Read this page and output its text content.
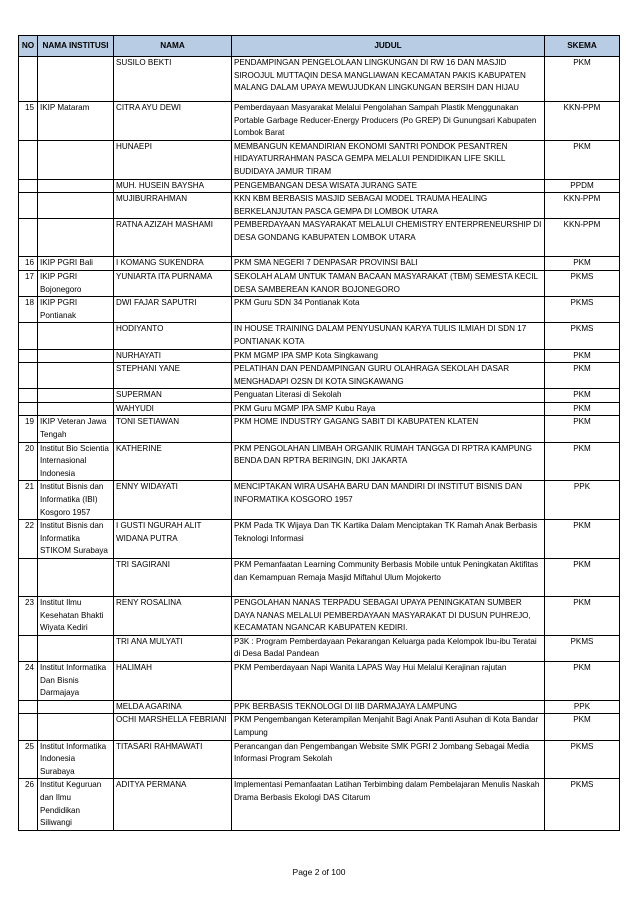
NO	NAMA INSTITUSI	NAMA	JUDUL	SKEMA
		SUSILO BEKTI	PENDAMPINGAN PENGELOLAAN LINGKUNGAN DI RW 16 DAN MASJID SIROOJUL MUTTAQIN DESA MANGLIAWAN KECAMATAN PAKIS KABUPATEN MALANG DALAM UPAYA MEWUJUDKAN LINGKUNGAN BERSIH DAN HIJAU	PKM
15	IKIP Mataram	CITRA AYU DEWI	Pemberdayaan Masyarakat Melalui Pengolahan Sampah Plastik Menggunakan Portable Garbage Reducer-Energy Producers (Po GREP) Di Gunungsari Kabupaten Lombok Barat	KKN-PPM
		HUNAEPI	MEMBANGUN KEMANDIRIAN EKONOMI SANTRI PONDOK PESANTREN HIDAYATURRAHMAN PASCA GEMPA MELALUI PENDIDIKAN LIFE SKILL BUDIDAYA JAMUR TIRAM	PKM
		MUH. HUSEIN BAYSHA	PENGEMBANGAN DESA WISATA JURANG SATE	PPDM
		MUJIBURRAHMAN	KKN KBM BERBASIS MASJID SEBAGAI MODEL TRAUMA HEALING BERKELANJUTAN PASCA GEMPA DI LOMBOK UTARA	KKN-PPM
		RATNA AZIZAH MASHAMI	PEMBERDAYAAN MASYARAKAT MELALUI CHEMISTRY ENTERPRENEURSHIP DI DESA GONDANG KABUPATEN LOMBOK UTARA	KKN-PPM
16	IKIP PGRI Bali	I KOMANG SUKENDRA	PKM SMA NEGERI 7 DENPASAR PROVINSI BALI	PKM
17	IKIP PGRI Bojonegoro	YUNIARTA ITA PURNAMA	SEKOLAH ALAM UNTUK TAMAN BACAAN MASYARAKAT (TBM) SEMESTA KECIL DESA SAMBEREAN KANOR BOJONEGORO	PKMS
18	IKIP PGRI Pontianak	DWI FAJAR SAPUTRI	PKM Guru SDN 34 Pontianak Kota	PKMS
		HODIYANTO	IN HOUSE TRAINING DALAM PENYUSUNAN KARYA TULIS ILMIAH DI SDN 17 PONTIANAK KOTA	PKMS
		NURHAYATI	PKM MGMP IPA SMP Kota Singkawang	PKM
		STEPHANI YANE	PELATIHAN DAN PENDAMPINGAN GURU OLAHRAGA SEKOLAH DASAR MENGHADAPI O2SN DI KOTA SINGKAWANG	PKM
		SUPERMAN	Penguatan Literasi di Sekolah	PKM
		WAHYUDI	PKM Guru MGMP IPA SMP Kubu Raya	PKM
19	IKIP Veteran Jawa Tengah	TONI SETIAWAN	PKM HOME INDUSTRY GAGANG SABIT DI KABUPATEN KLATEN	PKM
20	Institut Bio Scientia Internasional Indonesia	KATHERINE	PKM PENGOLAHAN LIMBAH ORGANIK RUMAH TANGGA DI RPTRA KAMPUNG BENDA DAN RPTRA BERINGIN, DKI JAKARTA	PKM
21	Institut Bisnis dan Informatika (IBI) Kosgoro 1957	ENNY WIDAYATI	MENCIPTAKAN WIRA USAHA BARU DAN MANDIRI DI INSTITUT BISNIS DAN INFORMATIKA KOSGORO 1957	PPK
22	Institut Bisnis dan Informatika STIKOM Surabaya	I GUSTI NGURAH ALIT WIDANA PUTRA	PKM Pada TK Wijaya Dan TK Kartika Dalam Menciptakan TK Ramah Anak Berbasis Teknologi Informasi	PKM
		TRI SAGIRANI	PKM Pemanfaatan Learning Community Berbasis Mobile untuk Peningkatan Aktifitas dan Kemampuan Remaja Masjid Miftahul Ulum Mojokerto	PKM
23	Institut Ilmu Kesehatan Bhakti Wiyata Kediri	RENY ROSALINA	PENGOLAHAN NANAS TERPADU SEBAGAI UPAYA PENINGKATAN SUMBER DAYA NANAS MELALUI PEMBERDAYAAN MASYARAKAT DI DUSUN PUHREJO, KECAMATAN NGANCAR KABUPATEN KEDIRI.	PKM
		TRI ANA MULYATI	P3K : Program Pemberdayaan Pekarangan Keluarga pada Kelompok Ibu-ibu Teratai di Desa Badal Pandean	PKMS
24	Institut Informatika Dan Bisnis Darmajaya	HALIMAH	PKM Pemberdayaan Napi Wanita LAPAS Way Hui Melalui Kerajinan rajutan	PKM
		MELDA AGARINA	PPK BERBASIS TEKNOLOGI DI IIB DARMAJAYA LAMPUNG	PPK
		OCHI MARSHELLA FEBRIANI	PKM Pengembangan Keterampilan Menjahit Bagi Anak Panti Asuhan di Kota Bandar Lampung	PKM
25	Institut Informatika Indonesia Surabaya	TITASARI RAHMAWATI	Perancangan dan Pengembangan Website SMK PGRI 2 Jombang Sebagai Media Informasi Program Sekolah	PKMS
26	Institut Keguruan dan Ilmu Pendidikan Siliwangi	ADITYA PERMANA	Implementasi Pemanfaatan Latihan Terbimbing dalam Pembelajaran Menulis Naskah Drama Berbasis Ekologi DAS Citarum	PKMS
Page 2 of 100
